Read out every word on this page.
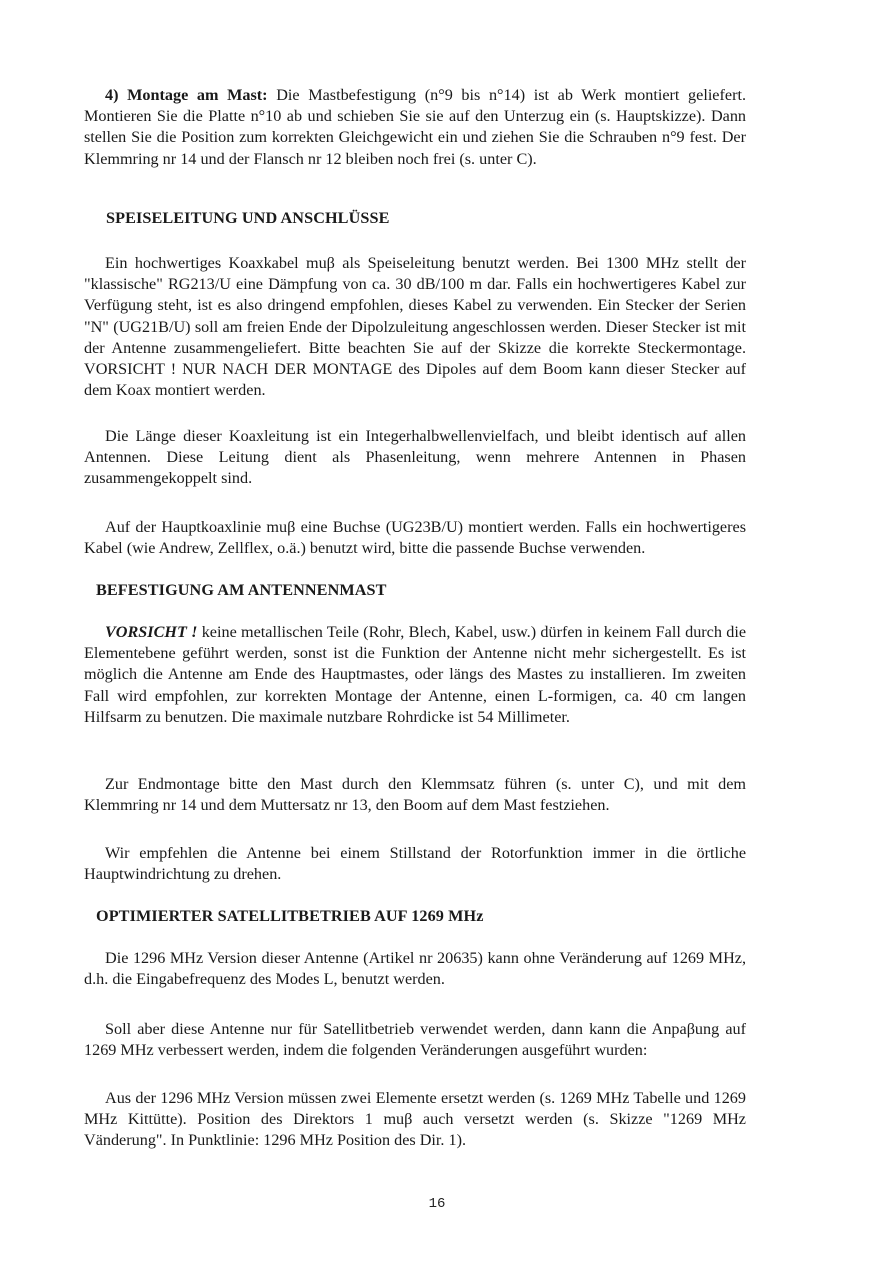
4) Montage am Mast: Die Mastbefestigung (n°9 bis n°14) ist ab Werk montiert geliefert. Montieren Sie die Platte n°10 ab und schieben Sie sie auf den Unterzug ein (s. Hauptskizze). Dann stellen Sie die Position zum korrekten Gleichgewicht ein und ziehen Sie die Schrauben n°9 fest. Der Klemmring nr 14 und der Flansch nr 12 bleiben noch frei (s. unter C).

SPEISELEITUNG UND ANSCHLÜSSE

Ein hochwertiges Koaxkabel muβ als Speiseleitung benutzt werden. Bei 1300 MHz stellt der "klassische" RG213/U eine Dämpfung von ca. 30 dB/100 m dar. Falls ein hochwertigeres Kabel zur Verfügung steht, ist es also dringend empfohlen, dieses Kabel zu verwenden. Ein Stecker der Serien "N" (UG21B/U) soll am freien Ende der Dipolzuleitung angeschlossen werden. Dieser Stecker ist mit der Antenne zusammengeliefert. Bitte beachten Sie auf der Skizze die korrekte Steckermontage. VORSICHT ! NUR NACH DER MONTAGE des Dipoles auf dem Boom kann dieser Stecker auf dem Koax montiert werden.

Die Länge dieser Koaxleitung ist ein Integerhalbwellenvielfach, und bleibt identisch auf allen Antennen. Diese Leitung dient als Phasenleitung, wenn mehrere Antennen in Phasen zusammengekoppelt sind.

Auf der Hauptkoaxlinie muβ eine Buchse (UG23B/U) montiert werden. Falls ein hochwertigeres Kabel (wie Andrew, Zellflex, o.ä.) benutzt wird, bitte die passende Buchse verwenden.

BEFESTIGUNG AM ANTENNENMAST

VORSICHT ! keine metallischen Teile (Rohr, Blech, Kabel, usw.) dürfen in keinem Fall durch die Elementebene geführt werden, sonst ist die Funktion der Antenne nicht mehr sichergestellt. Es ist möglich die Antenne am Ende des Hauptmastes, oder längs des Mastes zu installieren. Im zweiten Fall wird empfohlen, zur korrekten Montage der Antenne, einen L-formigen, ca. 40 cm langen Hilfsarm zu benutzen. Die maximale nutzbare Rohrdicke ist 54 Millimeter.

Zur Endmontage bitte den Mast durch den Klemmsatz führen (s. unter C), und mit dem Klemmring nr 14 und dem Muttersatz nr 13, den Boom auf dem Mast festziehen.

Wir empfehlen die Antenne bei einem Stillstand der Rotorfunktion immer in die örtliche Hauptwindrichtung zu drehen.

OPTIMIERTER SATELLITBETRIEB AUF 1269 MHz

Die 1296 MHz Version dieser Antenne (Artikel nr 20635) kann ohne Veränderung auf 1269 MHz, d.h. die Eingabefrequenz des Modes L, benutzt werden.

Soll aber diese Antenne nur für Satellitbetrieb verwendet werden, dann kann die Anpaβung auf 1269 MHz verbessert werden, indem die folgenden Veränderungen ausgeführt wurden:

Aus der 1296 MHz Version müssen zwei Elemente ersetzt werden (s. 1269 MHz Tabelle und 1269 MHz Kittütte). Position des Direktors 1 muβ auch versetzt werden (s. Skizze "1269 MHz Vänderung". In Punktlinie: 1296 MHz Position des Dir. 1).

16
